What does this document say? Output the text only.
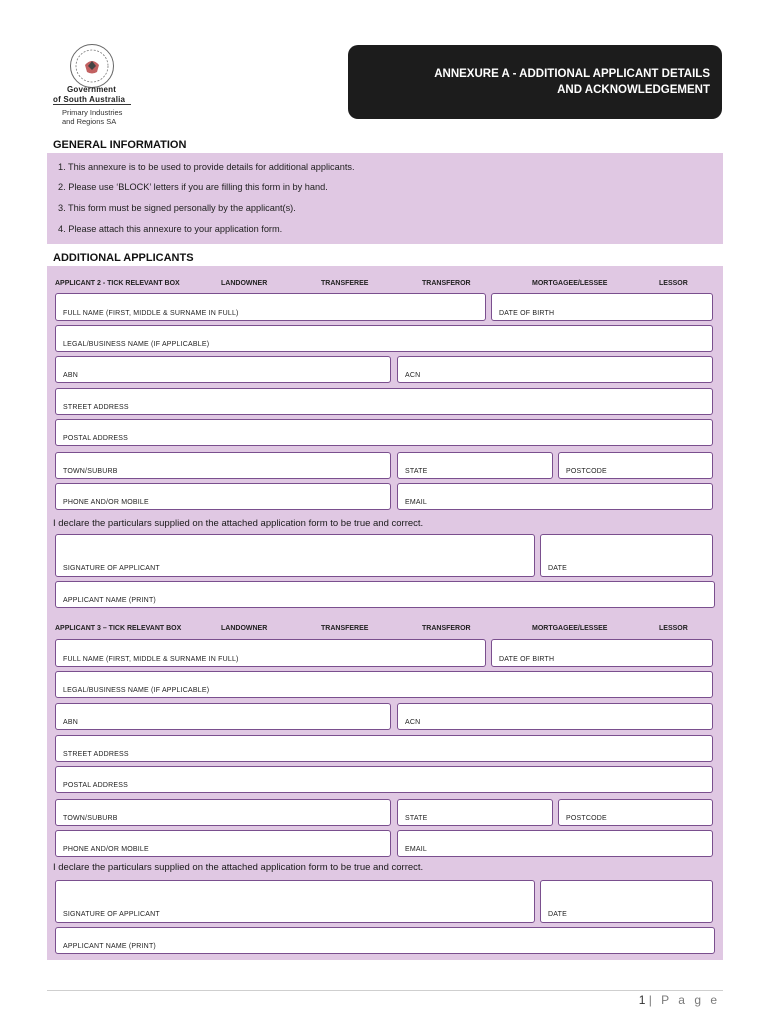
Government
of South Australia
Primary Industries
and Regions SA
ANNEXURE A - ADDITIONAL APPLICANT DETAILS
AND ACKNOWLEDGEMENT
GENERAL INFORMATION
1. This annexure is to be used to provide details for additional applicants.
2. Please use ‘BLOCK’ letters if you are filling this form in by hand.
3. This form must be signed personally by the applicant(s).
4. Please attach this annexure to your application form.
ADDITIONAL APPLICANTS
APPLICANT 2 - TICK RELEVANT BOX	LANDOWNER	TRANSFEREE	TRANSFEROR	MORTGAGEE/LESSEE	LESSOR
FULL NAME (FIRST, MIDDLE & SURNAME IN FULL)	DATE OF BIRTH
LEGAL/BUSINESS NAME (IF APPLICABLE)
ABN	ACN
STREET ADDRESS
POSTAL ADDRESS
TOWN/SUBURB	STATE	POSTCODE
PHONE AND/OR MOBILE	EMAIL
I declare the particulars supplied on the attached application form to be true and correct.
SIGNATURE OF APPLICANT	DATE
APPLICANT NAME (PRINT)
APPLICANT 3 – TICK RELEVANT BOX	LANDOWNER	TRANSFEREE	TRANSFEROR	MORTGAGEE/LESSEE	LESSOR
FULL NAME (FIRST, MIDDLE & SURNAME IN FULL)	DATE OF BIRTH
LEGAL/BUSINESS NAME (IF APPLICABLE)
ABN	ACN
STREET ADDRESS
POSTAL ADDRESS
TOWN/SUBURB	STATE	POSTCODE
PHONE AND/OR MOBILE	EMAIL
I declare the particulars supplied on the attached application form to be true and correct.
SIGNATURE OF APPLICANT	DATE
APPLICANT NAME (PRINT)
1 | P a g e
